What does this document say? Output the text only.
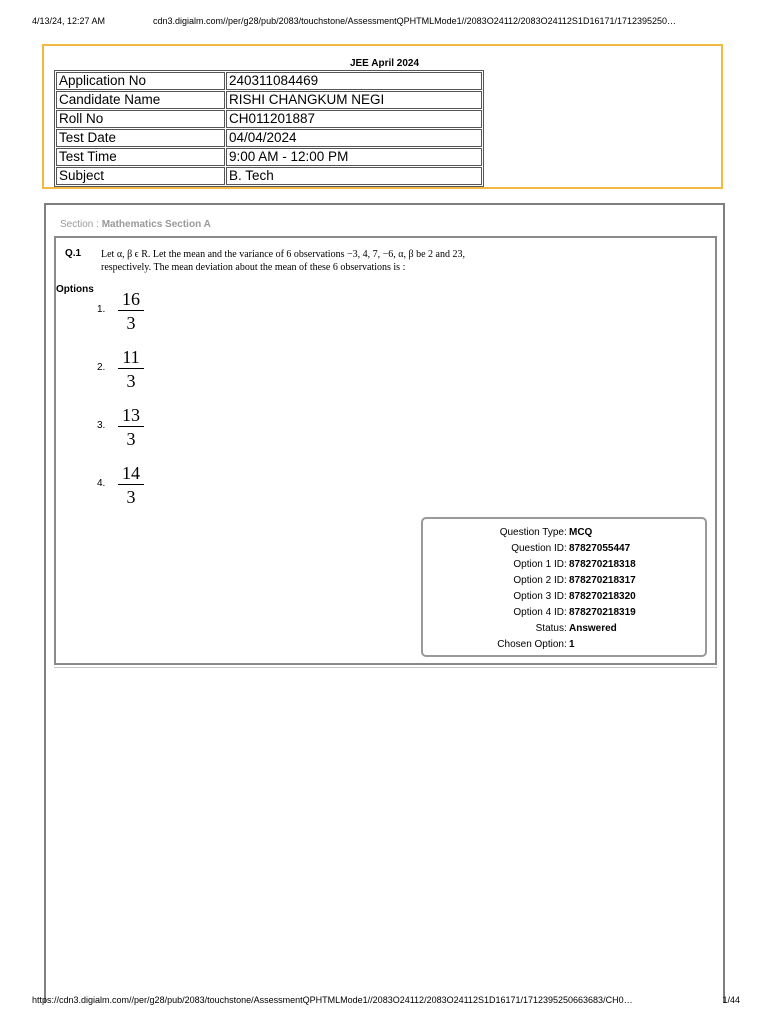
4/13/24, 12:27 AM	cdn3.digialm.com//per/g28/pub/2083/touchstone/AssessmentQPHTMLMode1//2083O24112/2083O24112S1D16171/1712395250…
JEE April 2024
Application No	240311084469
Candidate Name	RISHI CHANGKUM NEGI
Roll No	CH011201887
Test Date	04/04/2024
Test Time	9:00 AM - 12:00 PM
Subject	B. Tech
Section : Mathematics Section A
Q.1 Let α, β ϵ R. Let the mean and the variance of 6 observations −3, 4, 7, −6, α, β be 2 and 23,
respectively. The mean deviation about the mean of these 6 observations is :
Options
1.
16
3
2.
11
3
3.
13
3
4.
14
3
Question Type : MCQ
Question ID : 87827055447
Option 1 ID : 878270218318
Option 2 ID : 878270218317
Option 3 ID : 878270218320
Option 4 ID : 878270218319
Status : Answered
Chosen Option : 1
https://cdn3.digialm.com//per/g28/pub/2083/touchstone/AssessmentQPHTMLMode1//2083O24112/2083O24112S1D16171/1712395250663683/CH0…	1/44
